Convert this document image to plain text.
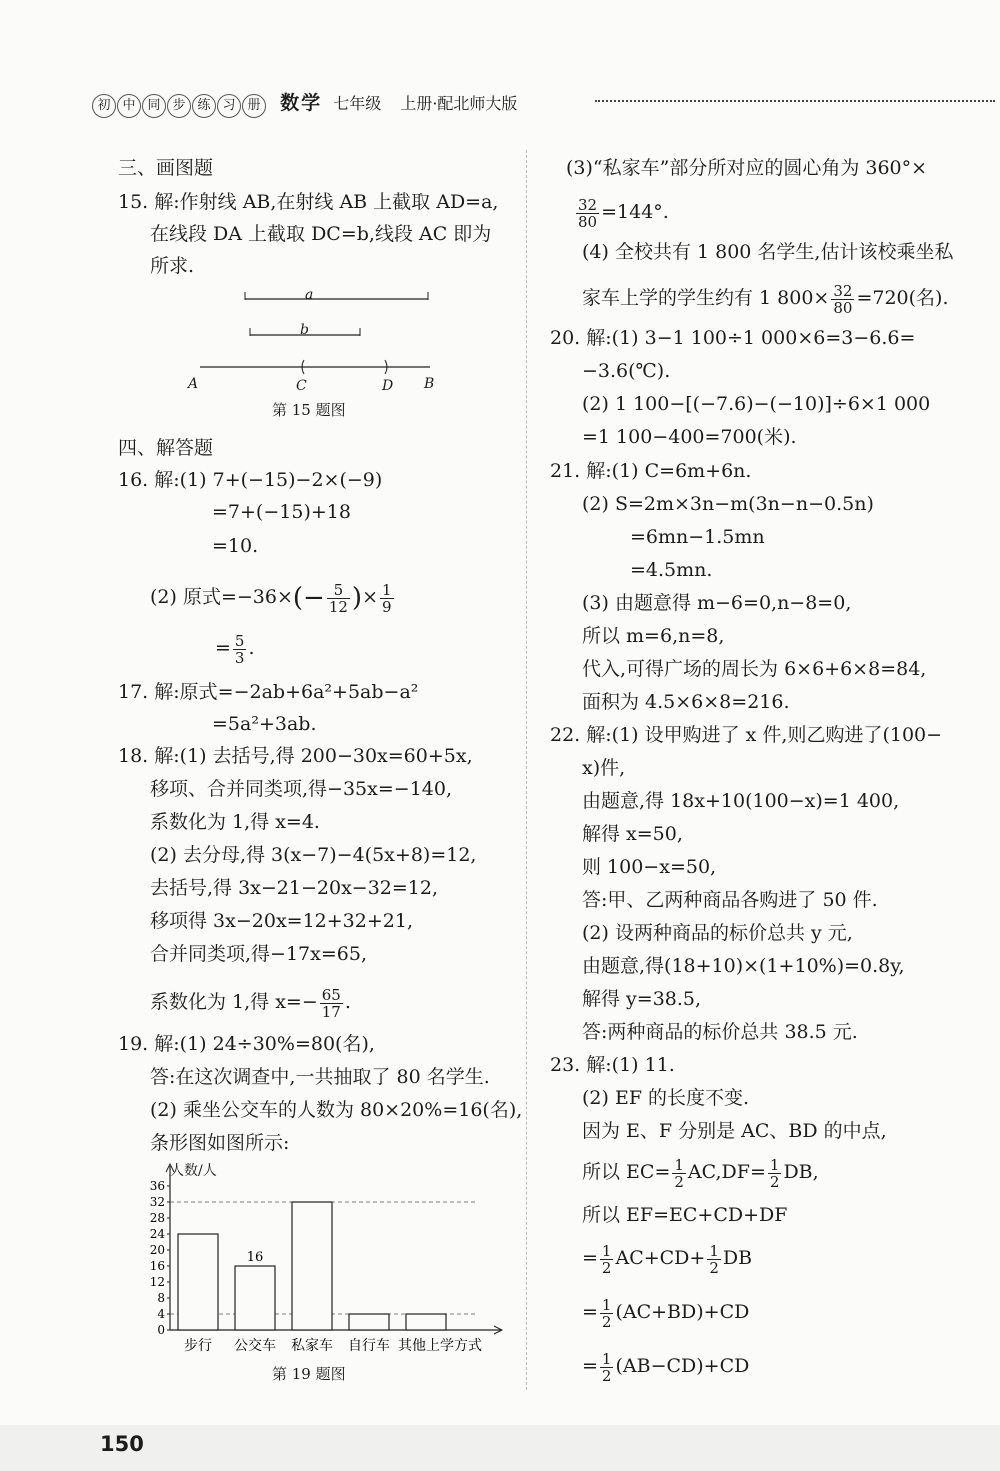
初 中 同 步 练 习 册 数学 七年级 上册·配北师大版
三、画图题
15. 解:作射线 AB,在射线 AB 上截取 AD=a,
在线段 DA 上截取 DC=b,线段 AC 即为
所求.
a
b
A	C	D B
第 15 题图
四、解答题
16. 解:(1) 7+(−15)−2×(−9)
=7+(−15)+18
=10.
(2) 原式$=-36\times(- \frac{5}{12}$ )× $\frac{1}{9}$
= $\frac{5}{3}$ .
17. 解:原式=−2ab+6a²+5ab−a²
=5a²+3ab.
18. 解:(1) 去括号,得 200−30x=60+5x,
移项、合并同类项,得−35x=−140,
系数化为 1,得 x=4.
(2) 去分母,得 3(x−7)−4(5x+8)=12,
去括号,得 3x−21−20x−32=12,
移项得 3x−20x=12+32+21,
合并同类项,得−17x=65,
系数化为 1,得 $x=- \frac{65}{17}$ .
19. 解:(1) 24÷30%=80(名),
答:在这次调查中,一共抽取了 80 名学生.
(2) 乘坐公交车的人数为 80×20%=16(名),
条形图如图所示:
0
4
8
12
16
20
24
28
32
36
步行 公交车
16
私家车 自行车 其他上学方式
人数/人
第 19 题图
(3)“私家车”部分所对应的圆心角为 360°×
$\frac{32}{80} =144^\circ$.
(4) 全校共有 1 800 名学生,估计该校乘坐私
家车上学的学生约有 1 $800\times \frac{32}{80} =720$(名).
20. 解:(1) 3−1 100÷1 000×6=3−6.6=
−3.6(℃).
(2) 1 100−[(−7.6)−(−10)]÷6×1 000
=1 100−400=700(米).
21. 解:(1) C=6m+6n.
(2) S=2m×3n−m(3n−n−0.5n)
=6mn−1.5mn
=4.5mn.
(3) 由题意得 m−6=0,n−8=0,
所以 m=6,n=8,
代入,可得广场的周长为 6×6+6×8=84,
面积为 4.5×6×8=216.
22. 解:(1) 设甲购进了 x 件,则乙购进了(100−
x)件,
由题意,得 18x+10(100−x)=1 400,
解得 x=50,
则 100−x=50,
答:甲、乙两种商品各购进了 50 件.
(2) 设两种商品的标价总共 y 元,
由题意,得(18+10)×(1+10%)=0.8y,
解得 y=38.5,
答:两种商品的标价总共 38.5 元.
23. 解:(1) 11.
(2) EF 的长度不变.
因为 E、F 分别是 AC、BD 的中点,
所以 $EC= \frac{1}{2} AC,DF= \frac{1}{2}$ DB,
所以 EF=EC+CD+DF
= $\frac{1}{2} AC+CD+ \frac{1}{2}$ DB
= $\frac{1}{2} (AC+BD)+CD$
= $\frac{1}{2} (AB-CD)+CD$
150
